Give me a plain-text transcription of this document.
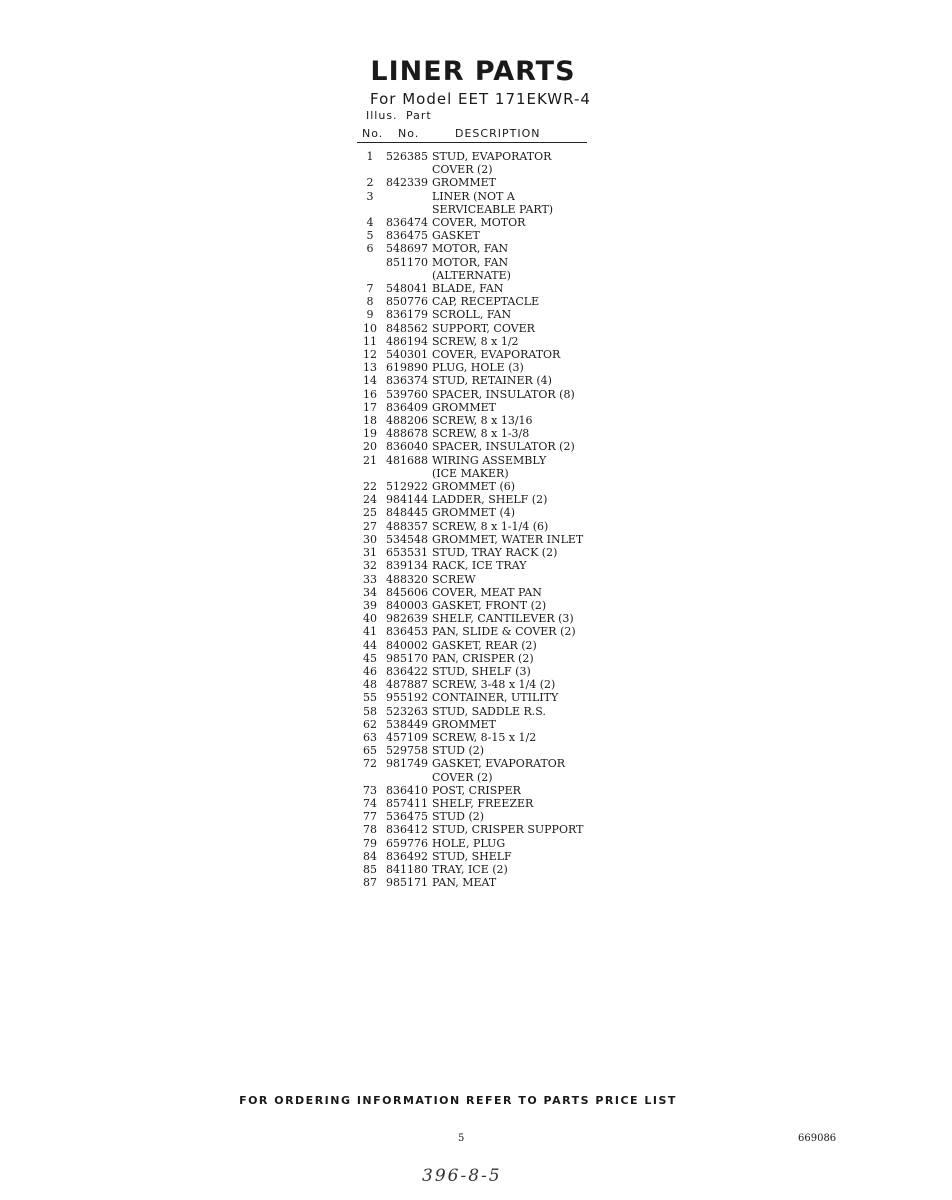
LINER PARTS
For Model EET 171EKWR-4
Illus. Part
No. No.	DESCRIPTION
1	526385 STUD, EVAPORATOR
COVER (2)
2	842339 GROMMET
3	LINER (NOT A
SERVICEABLE PART)
4	836474 COVER, MOTOR
5	836475 GASKET
6	548697 MOTOR, FAN
851170 MOTOR, FAN
(ALTERNATE)
7	548041 BLADE, FAN
8	850776 CAP, RECEPTACLE
9	836179 SCROLL, FAN
10 848562 SUPPORT, COVER
11 486194 SCREW, 8 x 1/2
12 540301 COVER, EVAPORATOR
13 619890 PLUG, HOLE (3)
14 836374 STUD, RETAINER (4)
16 539760 SPACER, INSULATOR (8)
17 836409 GROMMET
18 488206 SCREW, 8 x 13/16
19 488678 SCREW, 8 x 1-3/8
20 836040 SPACER, INSULATOR (2)
21 481688 WIRING ASSEMBLY
(ICE MAKER)
22 512922 GROMMET (6)
24 984144 LADDER, SHELF (2)
25 848445 GROMMET (4)
27 488357 SCREW, 8 x 1-1/4 (6)
30 534548 GROMMET, WATER INLET
31 653531 STUD, TRAY RACK (2)
32 839134 RACK, ICE TRAY
33 488320 SCREW
34 845606 COVER, MEAT PAN
39 840003 GASKET, FRONT (2)
40 982639 SHELF, CANTILEVER (3)
41 836453 PAN, SLIDE & COVER (2)
44 840002 GASKET, REAR (2)
45 985170 PAN, CRISPER (2)
46 836422 STUD, SHELF (3)
48 487887 SCREW, 3-48 x 1/4 (2)
55 955192 CONTAINER, UTILITY
58 523263 STUD, SADDLE R.S.
62 538449 GROMMET
63 457109 SCREW, 8-15 x 1/2
65 529758 STUD (2)
72 981749 GASKET, EVAPORATOR
COVER (2)
73 836410 POST, CRISPER
74 857411 SHELF, FREEZER
77 536475 STUD (2)
78 836412 STUD, CRISPER SUPPORT
79 659776 HOLE, PLUG
84 836492 STUD, SHELF
85 841180 TRAY, ICE (2)
87 985171 PAN, MEAT
FOR ORDERING INFORMATION REFER TO PARTS PRICE LIST
5	669086
396-8-5
